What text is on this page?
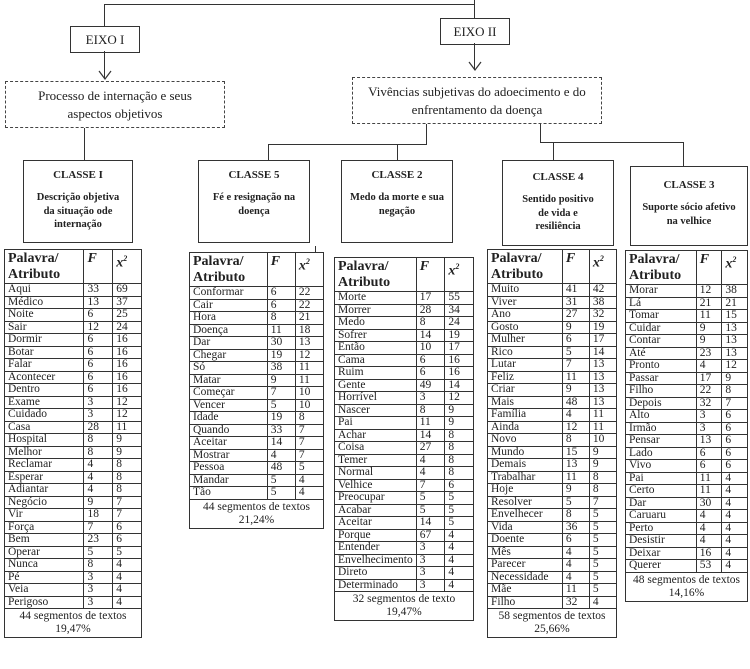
EIXO I
EIXO II
Processo de internação e seus aspectos objetivos
Vivências subjetivas do adoecimento e do enfrentamento da doença
CLASSE I
Descrição objetiva da situação ode internação
CLASSE 5
Fé e resignação na doença
CLASSE 2
Medo da morte e sua negação
CLASSE 4
Sentido positivo de vida e resiliência
CLASSE 3
Suporte sócio afetivo na velhice
Palavra/ Atributo	F	$x^2$
Aqui	33	69
Médico	13	37
Noite	6	25
Sair	12	24
Dormir	6	16
Botar	6	16
Falar	6	16
Acontecer	6	16
Dentro	6	16
Exame	3	12
Cuidado	3	12
Casa	28	11
Hospital	8	9
Melhor	8	9
Reclamar	4	8
Esperar	4	8
Adiantar	4	8
Negócio	9	7
Vir	18	7
Força	7	6
Bem	23	6
Operar	5	5
Nunca	8	4
Pé	3	4
Veia	3	4
Perigoso	3	4

44 segmentos de textos
19,47%		
Palavra/ Atributo	F	$x^2$
Conformar	6	22
Cair	6	22
Hora	8	21
Doença	11	18
Dar	30	13
Chegar	19	12
Só	38	11
Matar	9	11
Começar	7	10
Vencer	5	10
Idade	19	8
Quando	33	7
Aceitar	14	7
Mostrar	4	7
Pessoa	48	5
Mandar	5	4
Tão	5	4

44 segmentos de textos
21,24%		
Palavra/ Atributo	F	$x^2$
Morte	17	55
Morrer	28	34
Medo	8	24
Sofrer	14	19
Então	10	17
Cama	6	16
Ruim	6	16
Gente	49	14
Horrível	3	12
Nascer	8	9
Pai	11	9
Achar	14	8
Coisa	27	8
Temer	4	8
Normal	4	8
Velhice	7	6
Preocupar	5	5
Acabar	5	5
Aceitar	14	5
Porque	67	4
Entender	3	4
Envelhecimento	3	4
Direto	3	4
Determinado	3	4

32 segmentos de texto
19,47%		
Palavra/ Atributo	F	$x^2$
Muito	41	42
Viver	31	38
Ano	27	32
Gosto	9	19
Mulher	6	17
Rico	5	14
Lutar	7	13
Feliz	11	13
Criar	9	13
Mais	48	13
Família	4	11
Ainda	12	11
Novo	8	10
Mundo	15	9
Demais	13	9
Trabalhar	11	8
Hoje	9	8
Resolver	5	7
Envelhecer	8	5
Vida	36	5
Doente	6	5
Mês	4	5
Parecer	4	5
Necessidade	4	5
Mãe	11	5
Filho	32	4

58 segmentos de textos
25,66%		
Palavra/ Atributo	F	$x^2$
Morar	12	38
Lá	21	21
Tomar	11	15
Cuidar	9	13
Contar	9	13
Até	23	13
Pronto	4	12
Passar	17	9
Filho	22	8
Depois	32	7
Alto	3	6
Irmão	3	6
Pensar	13	6
Lado	6	6
Vivo	6	6
Pai	11	4
Certo	11	4
Dar	30	4
Caruaru	4	4
Perto	4	4
Desistir	4	4
Deixar	16	4
Querer	53	4

48 segmentos de textos
14,16%		
